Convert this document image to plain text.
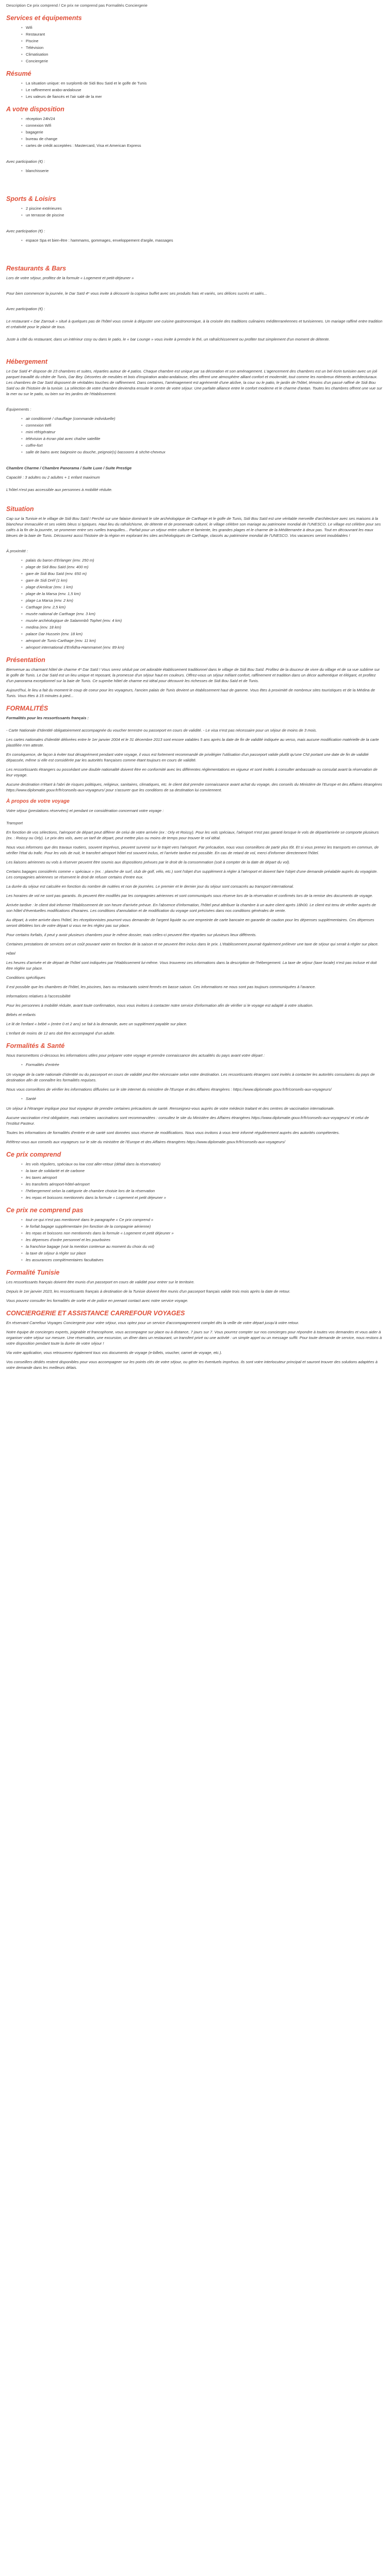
Description Ce prix comprend / Ce prix ne comprend pas Formalités Conciergerie

Services et équipements
• Wifi
• Restaurant
• Piscine
• Télévision
• Climatisation
• Conciergerie
Résumé
• La situation unique: en surplomb de Sidi Bou Saïd et le golfe de Tunis
• Le raffinement arabo-andalouse
• Les valeurs de fiancés et l'air salé de la mer
A votre disposition
• réception 24h/24
• connexion Wifi
• bagagerie
• bureau de change
• cartes de crédit acceptées : Mastercard, Visa et American Express

Avec participation (€) :

• blanchisserie
Sports & Loisirs
• 2 piscine extérieures
• un terrasse de piscine

Avec participation (€) :

• espace Spa et bien-être : hammams, gommages, enveloppement d'argile, massages
Restaurants & Bars

Lors de votre séjour, profitez de la formule « Logement et petit-déjeuner »

Pour bien commencer la journée, le Dar Saïd 4* vous invite à découvrir la copieux buffet avec ses produits frais et variés, ses délices sucrés et salés...

Avec participation (€) :

Le restaurant « Dar Zarrouk » situé à quelques pas de l'hôtel vous convie à déguster une cuisine gastronomique, à la croisée des traditions culinaires méditerranéennes et tunisiennes. Un mariage raffiné entre tradition et créativité pour le plaisir de tous.

Juste à côté du restaurant, dans un intérieur cosy ou dans le patio, le « bar Lounge » vous invite à prendre le thé, un rafraîchissement ou profiter tout simplement d'un moment de détente.

Hébergement

Le Dar Saïd 4* dispose de 23 chambres et suites, réparties autour de 4 patios. Chaque chambre est unique par sa décoration et son aménagement. L'agencement des chambres est un bel écrin tunisien avec un joli parquet travaillé du cèdre de Tunis, Dar Bey. Décorées de meubles et bois d'inspiration arabo-andalouse, elles offrent une atmosphère alliant confort et modernité, tout comme les nombreux éléments architecturaux. Les chambres de Dar Saïd disposent de véritables touches de raffinement. Dans certaines, l'aménagement est agrémenté d'une alcôve, la cour ou le patio, le jardin de l'hôtel, témoins d'un passé raffiné de Sidi Bou Saïd ou de l'histoire de la tunisie. La sélection de votre chambre deviendra ensuite le centre de votre séjour. Une parfaite alliance entre le confort moderne et le charme d'antan. Toutes les chambres offrent une vue sur la mer ou sur le patio, ou bien sur les jardins de l'établissement.

Équipements :

• air conditionné / chauffage (commande individuelle)
• connexion Wifi
• mini réfrigérateur
• télévision à écran plat avec chaîne satellite
• coffre-fort
• salle de bains avec baignoire ou douche, peignoir(s) bassoons & sèche-cheveux

Chambre Charme / Chambre Panorama / Suite Luxe / Suite Prestige

Capacité : 3 adultes ou 2 adultes + 1 enfant maximum

L'hôtel n'est pas accessible aux personnes à mobilité réduite.

Situation

Cap sur la Tunisie et le village de Sidi Bou Saïd ! Perché sur une falaise dominant le site archéologique de Carthage et le golfe de Tunis, Sidi Bou Saïd est une véritable merveille d'architecture avec ses maisons à la blancheur immaculée et ses volets bleus si typiques. Haut lieu du rafraîchisme, de détente et de promenade culturel, le village célèbre son mariage au patrimoine mondial de l'UNESCO. Le village est célèbre pour ses cafés à la fin de la journée, se promener entre ses ruelles tranquilles... Parfait pour un séjour entre culture et farniente, les grandes plages et le charme de la Méditerranée à deux pas. Tout en découvrant les eaux bleues de la baie de Tunis. Découvrez aussi l'histoire de la région en explorant les sites archéologiques de Carthage, classés au patrimoine mondial de l'UNESCO. Vos vacances seront inoubliables !

À proximité :

• palais du baron d'Erlanger (env. 250 m)
• plage de Sidi Bou Saïd (env. 400 m)
• gare de Sidi Bou Saïd (env. 650 m)
• gare de Sidi Dréf (1 km)
• plage d'Amilcar (env. 1 km)
• plage de la Marsa (env. 1,5 km)
• plage La Marsa (env. 2 km)
• Carthage (env. 2,5 km)
• musée national de Carthage (env. 3 km)
• musée archéologique de Salammbô Tophet (env. 4 km)
• medina (env. 18 km)
• palace Dar Hussein (env. 18 km)
• aéroport de Tunis-Carthage (env. 11 km)
• aéroport international d'Enfidha-Hammamet (env. 89 km)
Présentation

Bienvenue au charmant hôtel de charme 4* Dar Saïd ! Vous serez séduit par cet adorable établissement traditionnel dans le village de Sidi Bou Saïd. Profitez de la douceur de vivre du village et de sa vue sublime sur le golfe de Tunis. Le Dar Saïd est un lieu unique et reposant, la promesse d'un séjour haut en couleurs. Offrez-vous un séjour mêlant confort, raffinement et tradition dans un décor authentique et élégant, et profitez d'un panorama exceptionnel sur la baie de Tunis. Ce superbe hôtel de charme est idéal pour découvrir les richesses de Sidi Bou Saïd et de Tunis.

Aujourd'hui, le lieu a fait du moment le coup de coeur pour les voyageurs, l'ancien palais de Tunis devient un établissement haut de gamme. Vous êtes à proximité de nombreux sites touristiques et de la Médina de Tunis. Vous êtes à 15 minutes à pied...

FORMALITÉS

Formalités pour les ressortissants français :

- Carte Nationale d'Identité obligatoirement accompagnée du voucher terrestre ou passeport en cours de validité. - Le visa n'est pas nécessaire pour un séjour de moins de 3 mois.

Les cartes nationales d'identité délivrées entre le 1er janvier 2004 et le 31 décembre 2013 sont encore valables 5 ans après la date de fin de validité indiquée au verso, mais aucune modification matérielle de la carte plastifiée n'en atteste.

En conséquence, de façon à éviter tout désagrément pendant votre voyage, il vous est fortement recommandé de privilégier l'utilisation d'un passeport valide plutôt qu'une CNI portant une date de fin de validité dépassée, même si elle est considérée par les autorités françaises comme étant toujours en cours de validité.

Les ressortissants étrangers ou possédant une double nationalité doivent être en conformité avec les différentes réglementations en vigueur et sont invités à consulter ambassade ou consulat avant la réservation de leur voyage.

Aucune destination n'étant à l'abri de risques politiques, religieux, sanitaires, climatiques, etc. le client doit prendre connaissance avant achat du voyage, des conseils du Ministère de l'Europe et des Affaires étrangères https://www.diplomatie.gouv.fr/fr/conseils-aux-voyageurs/ pour s'assurer que les conditions de sa destination lui conviennent.

À propos de votre voyage

Votre séjour (prestations réservées) et pendant ce considération concernant votre voyage :

Transport

En fonction de vos sélections, l'aéroport de départ peut différer de celui de votre arrivée (ex : Orly et Roissy). Pour les vols spéciaux, l'aéroport n'est pas garanti lorsque le vols de départ/arrivée se comporte plusieurs (ex. : Roissy ou Orly). Le prix des vols, avec un tarif de départ, peut mettre plus ou moins de temps pour trouver le vol idéal.

Nous vous informons que des travaux routiers, souvent imprévus, peuvent survenir sur le trajet vers l'aéroport. Par précaution, nous vous conseillons de partir plus tôt. Et si vous prenez les transports en commun, de vérifier l'état du trafic. Pour les vols de nuit, le transfert aéroport hôtel est souvent inclus, et l'arrivée tardive est possible. En cas de retard de vol, merci d'informer directement l'hôtel.

Les liaisons aériennes ou vols à réserver peuvent être soumis aux dispositions prévues par le droit de la consommation (soit à compter de la date de départ du vol).

Certains bagages considérés comme « spéciaux » (ex. : planche de surf, club de golf, vélo, etc.) sont l'objet d'un supplément à régler à l'aéroport et doivent faire l'objet d'une demande préalable auprès du voyagiste. Les compagnies aériennes se réservent le droit de refuser certains d'entre eux.

La durée du séjour est calculée en fonction du nombre de nuitées et non de journées. Le premier et le dernier jour du séjour sont consacrés au transport international.

Les horaires de vol ne sont pas garantis. Ils peuvent être modifiés par les compagnies aériennes et sont communiqués sous réserve lors de la réservation et confirmés lors de la remise des documents de voyage.

Arrivée tardive : le client doit informer l'établissement de son heure d'arrivée prévue. En l'absence d'information, l'hôtel peut attribuer la chambre à un autre client après 18h00. Le client est tenu de vérifier auprès de son hôtel d'éventuelles modifications d'horaires. Les conditions d'annulation et de modification du voyage sont précisées dans nos conditions générales de vente.

Au départ, à votre arrivée dans l'hôtel, les réceptionnistes pourront vous demander de l'argent liquide ou une empreinte de carte bancaire en garantie de caution pour les dépenses supplémentaires. Ces dépenses seront débitées lors de votre départ si vous ne les réglez pas sur place.

Pour certains forfaits, il peut y avoir plusieurs chambres pour le même dossier, mais celles-ci peuvent être réparties sur plusieurs lieux différents.

Certaines prestations de services ont un coût pouvant varier en fonction de la saison et ne peuvent être inclus dans le prix. L'établissement pourrait également prélever une taxe de séjour qui serait à régler sur place.

Hôtel

Les heures d'arrivée et de départ de l'hôtel sont indiquées par l'établissement lui-même. Vous trouverez ces informations dans la description de l'hébergement. La taxe de séjour (taxe locale) n'est pas incluse et doit être réglée sur place.

Conditions spécifiques

Il est possible que les chambres de l'hôtel, les piscines, bars ou restaurants soient fermés en basse saison. Ces informations ne nous sont pas toujours communiquées à l'avance.

Informations relatives à l'accessibilité

Pour les personnes à mobilité réduite, avant toute confirmation, nous vous invitons à contacter notre service d'information afin de vérifier si le voyage est adapté à votre situation.

Bébés et enfants

Le lit de l'enfant « bébé » (entre 0 et 2 ans) se fait à la demande, avec un supplément payable sur place.

L'enfant de moins de 12 ans doit être accompagné d'un adulte.

Formalités & Santé

Nous transmettons ci-dessous les informations utiles pour préparer votre voyage et prendre connaissance des actualités du pays avant votre départ :

• Formalités d'entrée

Un voyage de la carte nationale d'identité ou du passeport en cours de validité peut être nécessaire selon votre destination. Les ressortissants étrangers sont invités à contacter les autorités consulaires du pays de destination afin de connaître les formalités requises.

Nous vous conseillons de vérifier les informations diffusées sur le site internet du ministère de l'Europe et des Affaires étrangères : https://www.diplomatie.gouv.fr/fr/conseils-aux-voyageurs/

• Santé

Un séjour à l'étranger implique pour tout voyageur de prendre certaines précautions de santé. Renseignez-vous auprès de votre médecin traitant et des centres de vaccination internationale.

Aucune vaccination n'est obligatoire, mais certaines vaccinations sont recommandées : consultez le site du Ministère des Affaires étrangères https://www.diplomatie.gouv.fr/fr/conseils-aux-voyageurs/ et celui de l'Institut Pasteur.

Toutes les informations de formalités d'entrée et de santé sont données sous réserve de modifications. Nous vous invitons à vous tenir informé régulièrement auprès des autorités compétentes.

Référez-vous aux conseils aux voyageurs sur le site du ministère de l'Europe et des Affaires étrangères https://www.diplomatie.gouv.fr/fr/conseils-aux-voyageurs/

Ce prix comprend
• les vols réguliers, spéciaux ou low cost aller-retour (détail dans la réservation)
• la taxe de solidarité et de carbone
• les taxes aéroport
• les transferts aéroport-hôtel-aéroport
• l'hébergement selon la catégorie de chambre choisie lors de la réservation
• les repas et boissons mentionnés dans la formule « Logement et petit déjeuner »
Ce prix ne comprend pas
• tout ce qui n'est pas mentionné dans le paragraphe « Ce prix comprend »
• le forfait bagage supplémentaire (en fonction de la compagnie aérienne)
• les repas et boissons non mentionnés dans la formule « Logement et petit déjeuner »
• les dépenses d'ordre personnel et les pourboires
• la franchise bagage (voir la mention contenue au moment du choix du vol)
• la taxe de séjour à régler sur place
• les assurances complémentaires facultatives
Formalité Tunisie

Les ressortissants français doivent être munis d'un passeport en cours de validité pour entrer sur le territoire.

Depuis le 1er janvier 2023, les ressortissants français à destination de la Tunisie doivent être munis d'un passeport français valide trois mois après la date de retour.

Vous pouvez consulter les formalités de sortie et de police en prenant contact avec notre service voyage.

CONCIERGERIE ET ASSISTANCE CARREFOUR VOYAGES

En réservant Carrefour Voyages Conciergerie pour votre séjour, vous optez pour un service d'accompagnement complet dès la veille de votre départ jusqu'à votre retour.

Notre équipe de concierges experts, joignable et francophone, vous accompagne sur place ou à distance, 7 jours sur 7. Vous pourrez compter sur nos concierges pour répondre à toutes vos demandes et vous aider à organiser votre séjour sur mesure. Une réservation, une excursion, un dîner dans un restaurant, un transfert privé ou une activité : un simple appel ou un message suffit. Pour toute demande de service, nous restons à votre disposition pendant toute la durée de votre séjour !

Via votre application, vous retrouverez également tous vos documents de voyage (e-billets, voucher, carnet de voyage, etc.).

Vos conseillers dédiés restent disponibles pour vous accompagner sur les points clés de votre séjour, ou gérer les éventuels imprévus. Ils sont votre interlocuteur principal et sauront trouver des solutions adaptées à votre demande dans les meilleurs délais.
